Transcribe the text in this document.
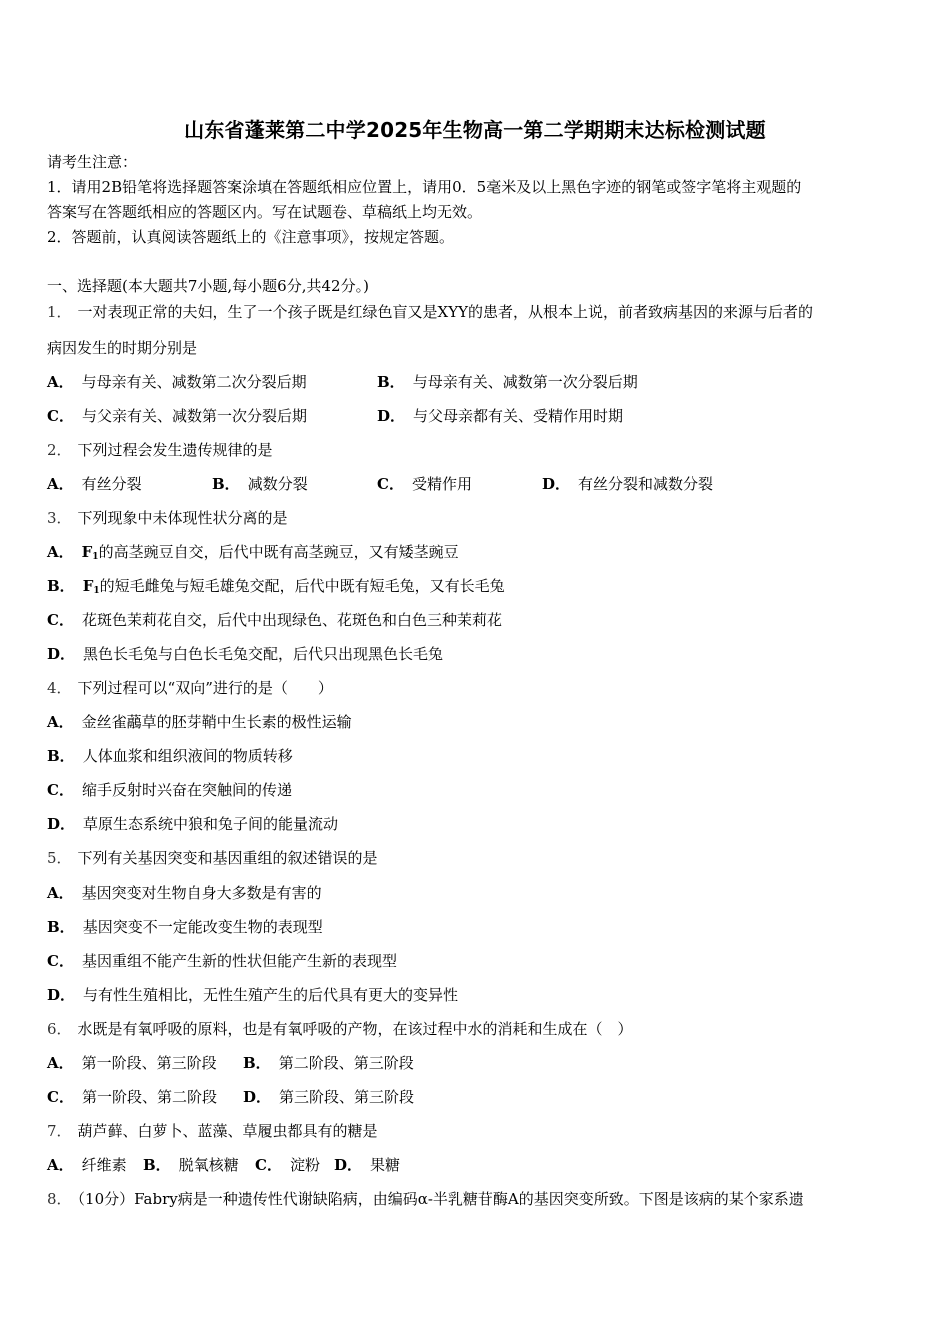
山东省蓬莱第二中学2025年生物高一第二学期期末达标检测试题
请考生注意：
1．请用2B铅笔将选择题答案涂填在答题纸相应位置上，请用0．5毫米及以上黑色字迹的钢笔或签字笔将主观题的
答案写在答题纸相应的答题区内。写在试题卷、草稿纸上均无效。
2．答题前，认真阅读答题纸上的《注意事项》，按规定答题。
一、选择题(本大题共7小题,每小题6分,共42分。)
1． 一对表现正常的夫妇，生了一个孩子既是红绿色盲又是XYY的患者，从根本上说，前者致病基因的来源与后者的
病因发生的时期分别是
A． 与母亲有关、减数第二次分裂后期	B． 与母亲有关、减数第一次分裂后期
C． 与父亲有关、减数第一次分裂后期	D． 与父母亲都有关、受精作用时期
2． 下列过程会发生遗传规律的是
A． 有丝分裂	B． 减数分裂	C． 受精作用	D． 有丝分裂和减数分裂
3． 下列现象中未体现性状分离的是
A． $F_1$的高茎豌豆自交，后代中既有高茎豌豆，又有矮茎豌豆
B． $F_1$的短毛雌兔与短毛雄兔交配，后代中既有短毛兔，又有长毛兔
C． 花斑色茉莉花自交，后代中出现绿色、花斑色和白色三种茉莉花
D． 黑色长毛兔与白色长毛兔交配，后代只出现黑色长毛兔
4． 下列过程可以“双向”进行的是（　　）
A． 金丝雀虉草的胚芽鞘中生长素的极性运输
B． 人体血浆和组织液间的物质转移
C． 缩手反射时兴奋在突触间的传递
D． 草原生态系统中狼和兔子间的能量流动
5． 下列有关基因突变和基因重组的叙述错误的是
A． 基因突变对生物自身大多数是有害的
B． 基因突变不一定能改变生物的表现型
C． 基因重组不能产生新的性状但能产生新的表现型
D． 与有性生殖相比，无性生殖产生的后代具有更大的变异性
6． 水既是有氧呼吸的原料，也是有氧呼吸的产物，在该过程中水的消耗和生成在（　）
A． 第一阶段、第三阶段 B． 第二阶段、第三阶段
C． 第一阶段、第二阶段 D． 第三阶段、第三阶段
7． 葫芦藓、白萝卜、蓝藻、草履虫都具有的糖是
A． 纤维素 B． 脱氧核糖 C． 淀粉 D． 果糖
8． （10分）Fabry病是一种遗传性代谢缺陷病，由编码α-半乳糖苷酶A的基因突变所致。下图是该病的某个家系遗
